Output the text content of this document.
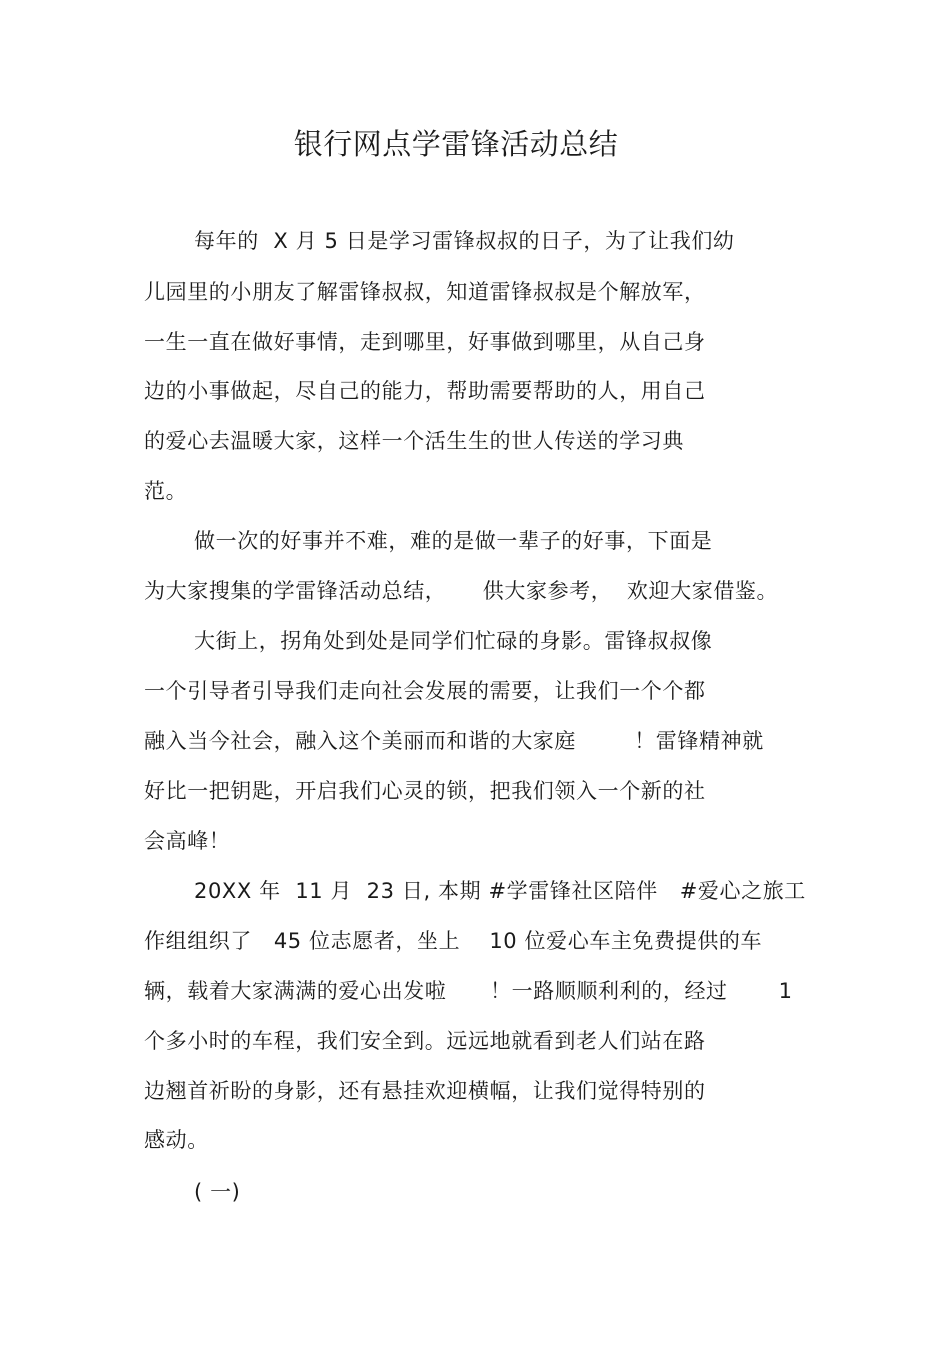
银行网点学雷锋活动总结
每年的  X 月 5 日是学习雷锋叔叔的日子，为了让我们幼
儿园里的小朋友了解雷锋叔叔，知道雷锋叔叔是个解放军，
一生一直在做好事情，走到哪里，好事做到哪里，从自己身
边的小事做起，尽自己的能力，帮助需要帮助的人，用自己
的爱心去温暖大家，这样一个活生生的世人传送的学习典
范。
做一次的好事并不难，难的是做一辈子的好事，下面是
为大家搜集的学雷锋活动总结，     供大家参考，  欢迎大家借鉴。
大街上，拐角处到处是同学们忙碌的身影。雷锋叔叔像
一个引导者引导我们走向社会发展的需要，让我们一个个都
融入当今社会，融入这个美丽而和谐的大家庭        ！雷锋精神就
好比一把钥匙，开启我们心灵的锁，把我们领入一个新的社
会高峰！
20XX 年  11 月  23 日, 本期 #学雷锋社区陪伴   #爱心之旅工
作组组织了   45 位志愿者，坐上    10 位爱心车主免费提供的车
辆，载着大家满满的爱心出发啦      ！一路顺顺利利的，经过       1
个多小时的车程，我们安全到。远远地就看到老人们站在路
边翘首祈盼的身影，还有悬挂欢迎横幅，让我们觉得特别的
感动。
( 一)
